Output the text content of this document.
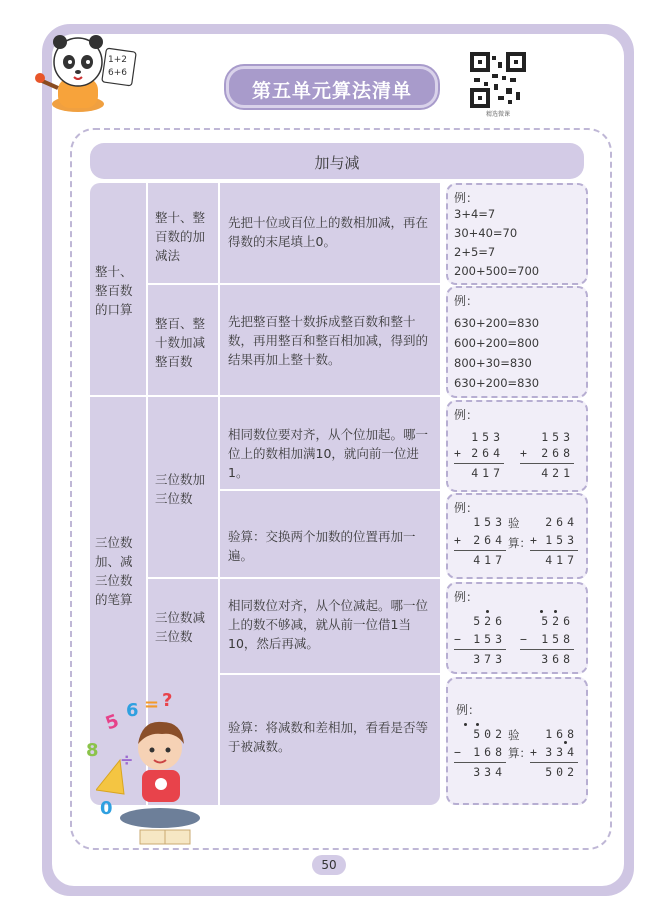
1+2
6+6
第五单元算法清单
精选微课
加与减
整十、整百数的口算
整十、整百数的加减法
先把十位或百位上的数相加减，再在得数的末尾填上0。
整百、整十数加减整百数
先把整百整十数拆成整百数和整十数，再用整百和整百相加减，得到的结果再加上整十数。
例：
3+4=7
30+40=70
2+5=7
200+500=700
例：
630+200=830
600+200=800
800+30=830
630+200=830
三位数加、减三位数的笔算
三位数加三位数
相同数位要对齐，从个位加起。哪一位上的数相加满10，就向前一位进1。
验算：交换两个加数的位置再加一遍。
三位数减三位数
相同数位对齐，从个位减起。哪一位上的数不够减，就从前一位借1当10，然后再减。
验算：将减数和差相加，看看是否等于被减数。
例：
153
+ 264
417
153
+ 268
421
例：
153
+ 264
417
验
算：
264
+ 153
417
例：
526
− 153
373
526
− 158
368
例：
502
− 168
334
验
算：
168
+ 334
502
5 6 = ?
8
0
÷
50
